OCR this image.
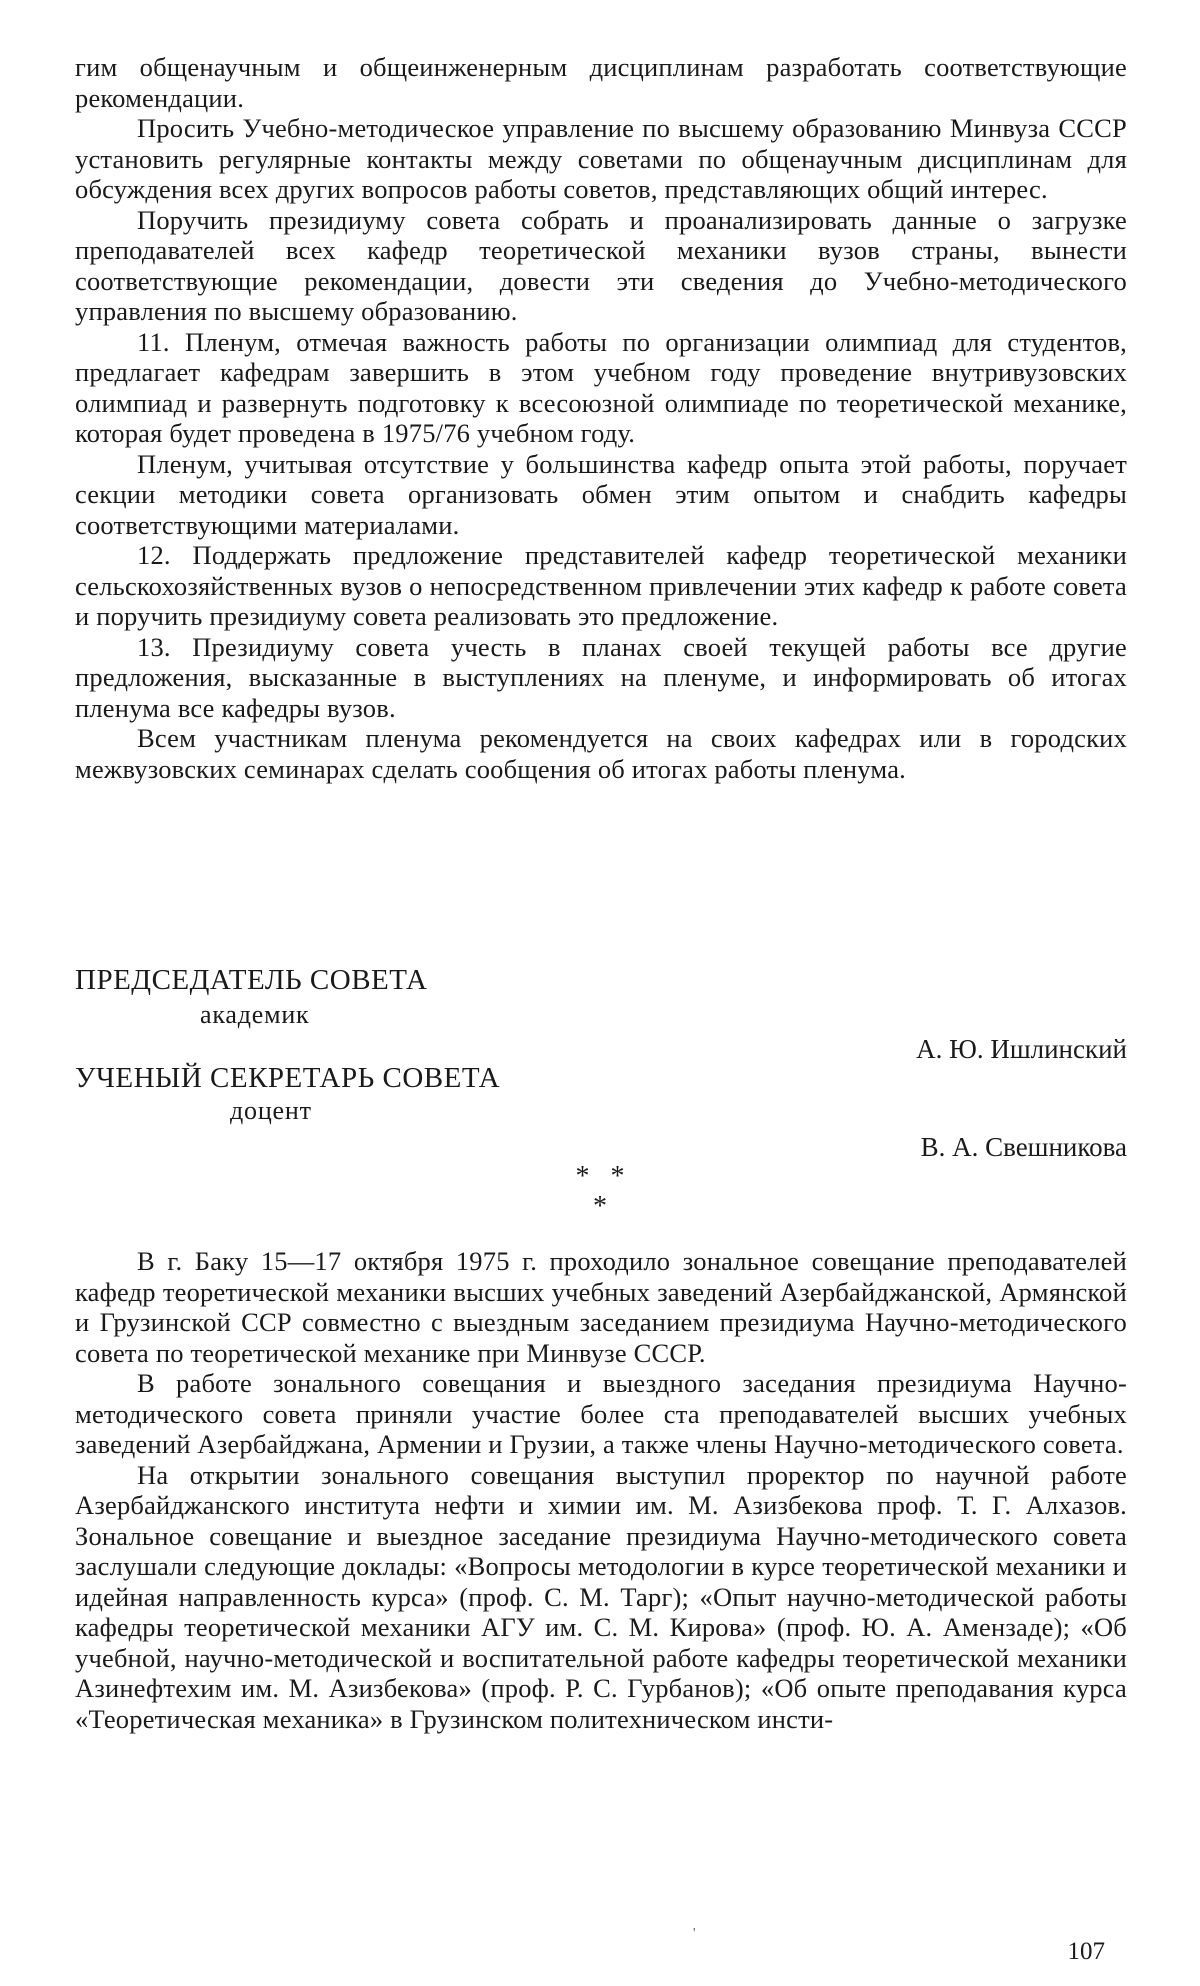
гим общенаучным и общеинженерным дисциплинам разработать соответствующие рекомендации.

Просить Учебно-методическое управление по высшему образованию Минвуза СССР установить регулярные контакты между советами по общенаучным дисциплинам для обсуждения всех других вопросов работы советов, представляющих общий интерес.

Поручить президиуму совета собрать и проанализировать данные о загрузке преподавателей всех кафедр теоретической механики вузов страны, вынести соответствующие рекомендации, довести эти сведения до Учебно-методического управления по высшему образованию.

11. Пленум, отмечая важность работы по организации олимпиад для студентов, предлагает кафедрам завершить в этом учебном году проведение внутривузовских олимпиад и развернуть подготовку к всесоюзной олимпиаде по теоретической механике, которая будет проведена в 1975/76 учебном году.

Пленум, учитывая отсутствие у большинства кафедр опыта этой работы, поручает секции методики совета организовать обмен этим опытом и снабдить кафедры соответствующими материалами.

12. Поддержать предложение представителей кафедр теоретической механики сельскохозяйственных вузов о непосредственном привлечении этих кафедр к работе совета и поручить президиуму совета реализовать это предложение.

13. Президиуму совета учесть в планах своей текущей работы все другие предложения, высказанные в выступлениях на пленуме, и информировать об итогах пленума все кафедры вузов.

Всем участникам пленума рекомендуется на своих кафедрах или в городских межвузовских семинарах сделать сообщения об итогах работы пленума.

ПРЕДСЕДАТЕЛЬ СОВЕТА
академик
А. Ю. Ишлинский
УЧЕНЫЙ СЕКРЕТАРЬ СОВЕТА
доцент
В. А. Свешникова
*   *
*

В г. Баку 15—17 октября 1975 г. проходило зональное совещание преподавателей кафедр теоретической механики высших учебных заведений Азербайджанской, Армянской и Грузинской ССР совместно с выездным заседанием президиума Научно-методического совета по теоретической механике при Минвузе СССР.

В работе зонального совещания и выездного заседания президиума Научно-методического совета приняли участие более ста преподавателей высших учебных заведений Азербайджана, Армении и Грузии, а также члены Научно-методического совета.

На открытии зонального совещания выступил проректор по научной работе Азербайджанского института нефти и химии им. М. Азизбекова проф. Т. Г. Алхазов. Зональное совещание и выездное заседание президиума Научно-методического совета заслушали следующие доклады: «Вопросы методологии в курсе теоретической механики и идейная направленность курса» (проф. С. М. Тарг); «Опыт научно-методической работы кафедры теоретической механики АГУ им. С. М. Кирова» (проф. Ю. А. Амензаде); «Об учебной, научно-методической и воспитательной работе кафедры теоретической механики Азинефтехим им. М. Азизбекова» (проф. Р. С. Гурбанов); «Об опыте преподавания курса «Теоретическая механика» в Грузинском политехническом инсти-

'
107
